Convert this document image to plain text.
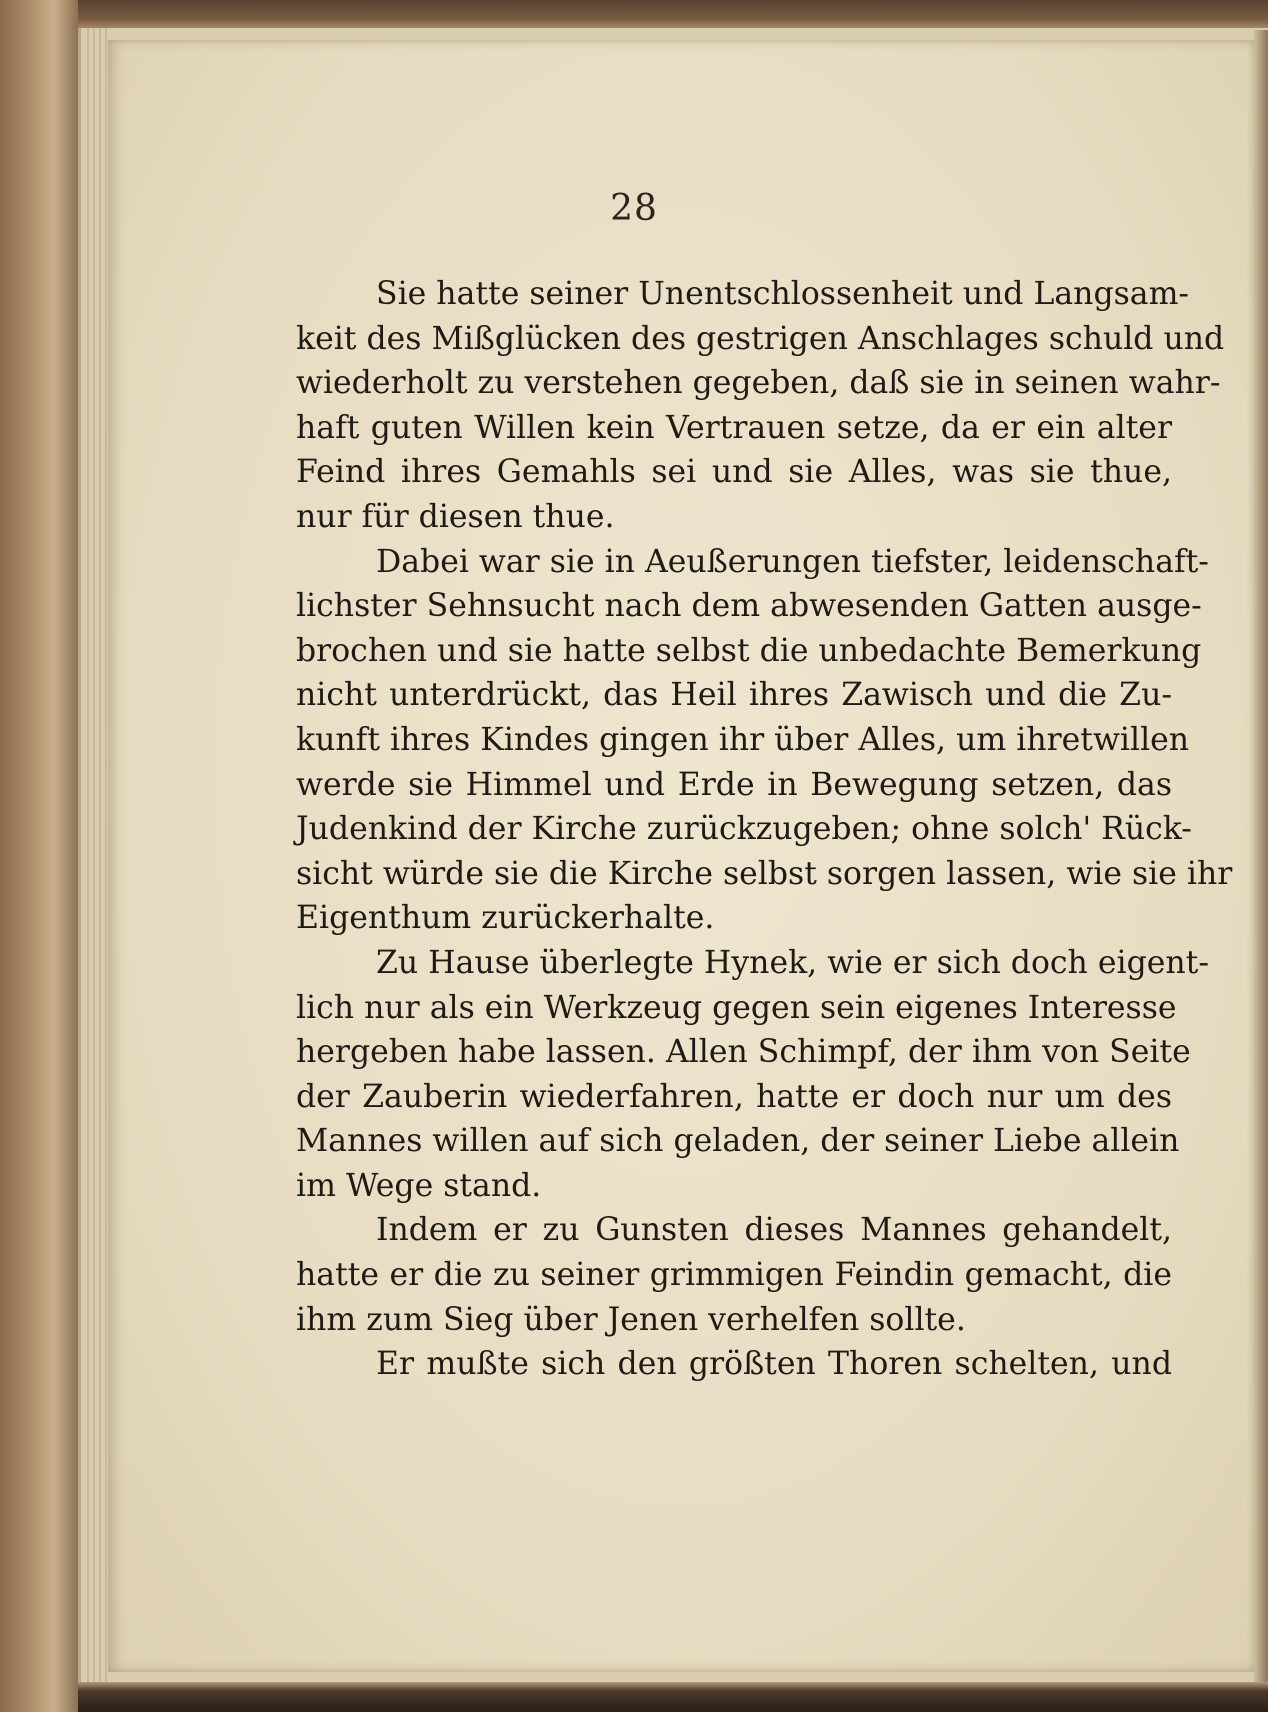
28
Sie hatte seiner Unentschlossenheit und Langsam-
keit des Mißglücken des gestrigen Anschlages schuld und
wiederholt zu verstehen gegeben, daß sie in seinen wahr-
haft guten Willen kein Vertrauen setze, da er ein alter
Feind ihres Gemahls sei und sie Alles, was sie thue,
nur für diesen thue.
Dabei war sie in Aeußerungen tiefster, leidenschaft-
lichster Sehnsucht nach dem abwesenden Gatten ausge-
brochen und sie hatte selbst die unbedachte Bemerkung
nicht unterdrückt, das Heil ihres Zawisch und die Zu-
kunft ihres Kindes gingen ihr über Alles, um ihretwillen
werde sie Himmel und Erde in Bewegung setzen, das
Judenkind der Kirche zurückzugeben; ohne solch' Rück-
sicht würde sie die Kirche selbst sorgen lassen, wie sie ihr
Eigenthum zurückerhalte.
Zu Hause überlegte Hynek, wie er sich doch eigent-
lich nur als ein Werkzeug gegen sein eigenes Interesse
hergeben habe lassen. Allen Schimpf, der ihm von Seite
der Zauberin wiederfahren, hatte er doch nur um des
Mannes willen auf sich geladen, der seiner Liebe allein
im Wege stand.
Indem er zu Gunsten dieses Mannes gehandelt,
hatte er die zu seiner grimmigen Feindin gemacht, die
ihm zum Sieg über Jenen verhelfen sollte.
Er mußte sich den größten Thoren schelten, und
